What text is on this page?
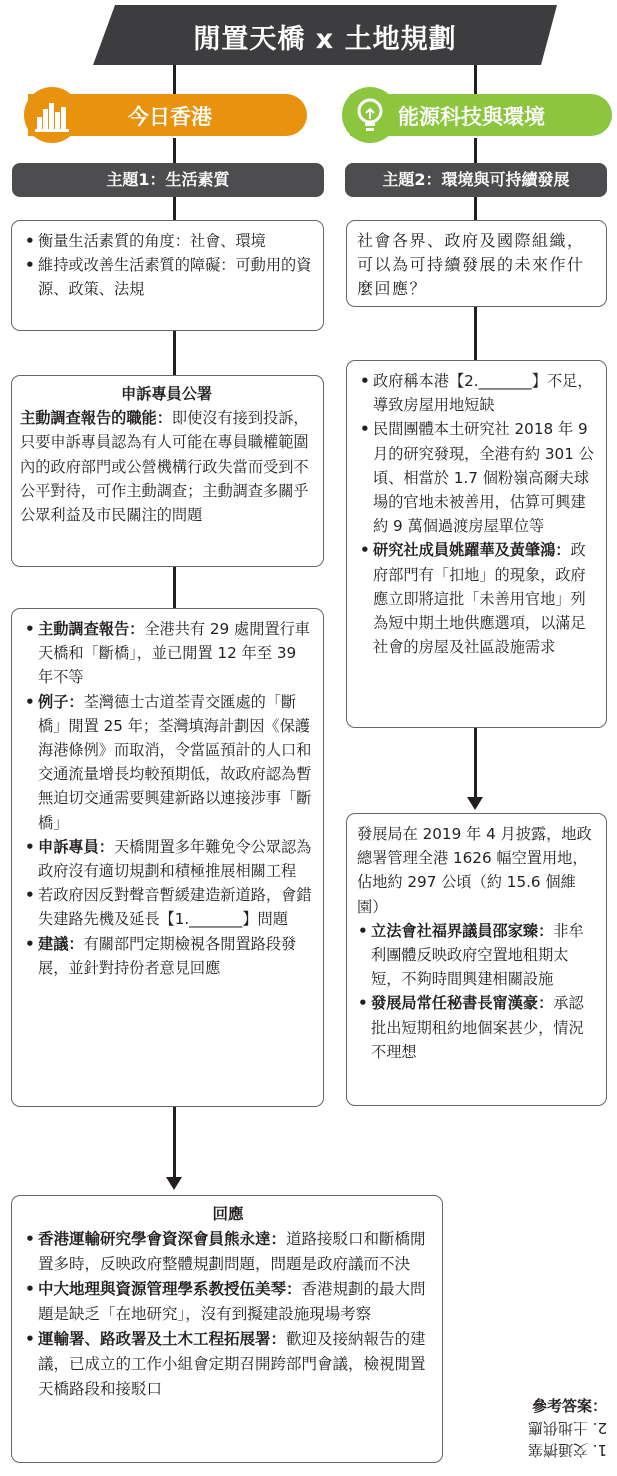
閒置天橋 x 土地規劃
今日香港	能源科技與環境
主題1：生活素質	主題2：環境與可持續發展
• 衡量生活素質的角度：社會、環境
• 維持或改善生活素質的障礙：可動用的資源、政策、法規
申訴專員公署
主動調查報告的職能：即使沒有接到投訴，只要申訴專員認為有人可能在專員職權範圍內的政府部門或公營機構行政失當而受到不公平對待，可作主動調查；主動調查多關乎公眾利益及市民關注的問題
• 主動調查報告：全港共有 29 處閒置行車天橋和「斷橋」，並已閒置 12 年至 39 年不等
• 例子：荃灣德士古道荃青交匯處的「斷橋」閒置 25 年；荃灣填海計劃因《保護海港條例》而取消，令當區預計的人口和交通流量增長均較預期低，故政府認為暫無迫切交通需要興建新路以連接涉事「斷橋」
• 申訴專員：天橋閒置多年難免令公眾認為政府沒有適切規劃和積極推展相關工程
• 若政府因反對聲音暫緩建造新道路，會錯失建路先機及延長【1._______】問題
• 建議：有關部門定期檢視各閒置路段發展，並針對持份者意見回應
社會各界、政府及國際組織，可以為可持續發展的未來作什麼回應？
• 政府稱本港【2._______】不足，導致房屋用地短缺
• 民間團體本土研究社 2018 年 9 月的研究發現，全港有約 301 公頃、相當於 1.7 個粉嶺高爾夫球場的官地未被善用，估算可興建約 9 萬個過渡房屋單位等
• 研究社成員姚躍華及黃肇鴻：政府部門有「扣地」的現象，政府應立即將這批「未善用官地」列為短中期土地供應選項，以滿足社會的房屋及社區設施需求
發展局在 2019 年 4 月披露，地政總署管理全港 1626 幅空置用地，佔地約 297 公頃（約 15.6 個維園）
• 立法會社福界議員邵家臻：非牟利團體反映政府空置地租期太短，不夠時間興建相關設施
• 發展局常任秘書長甯漢豪：承認批出短期租約地個案甚少，情況不理想
回應
• 香港運輸研究學會資深會員熊永達：道路接駁口和斷橋閒置多時，反映政府整體規劃問題，問題是政府議而不決
• 中大地理與資源管理學系教授伍美琴：香港規劃的最大問題是缺乏「在地研究」，沒有到擬建設施現場考察
• 運輸署、路政署及土木工程拓展署：歡迎及接納報告的建議，已成立的工作小組會定期召開跨部門會議，檢視閒置天橋路段和接駁口
參考答案：
2. 土地供應
1. 交通擠塞
